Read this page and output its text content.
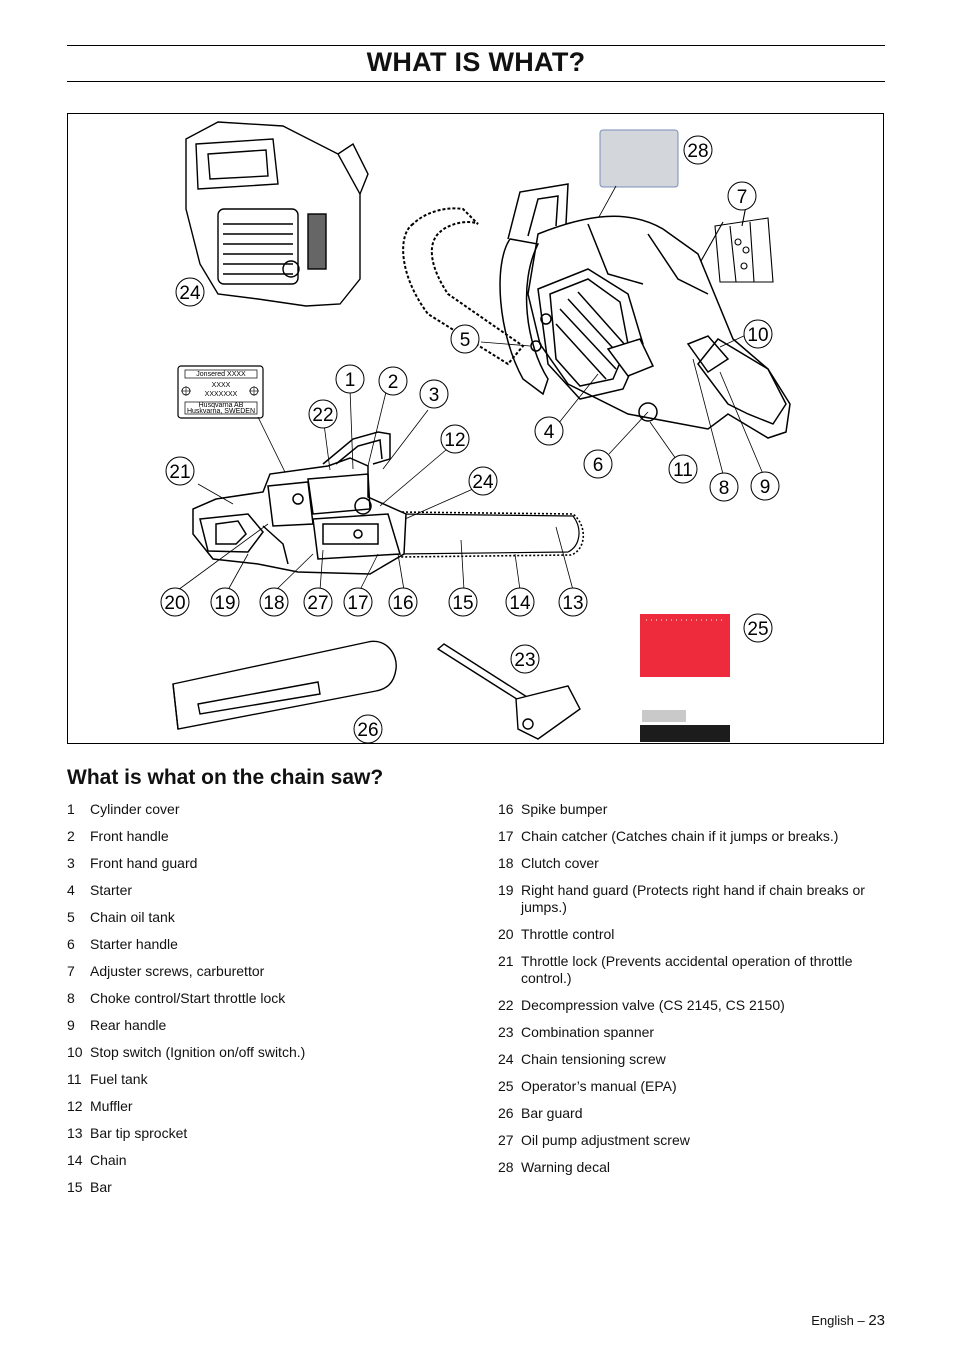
WHAT IS WHAT?
Jonsered XXXX
XXXX
XXXXXXX
Husqvarna AB
Huskvarna, SWEDEN
28
7
24
10
5
1 2
3
22
4
12
21	6	11
24	8 9
20 19 18 27 17 16 15 14 13
25
23
26
What is what on the chain saw?
1	Cylinder cover
2	Front handle
3	Front hand guard
4	Starter
5	Chain oil tank
6	Starter handle
7	Adjuster screws, carburettor
8	Choke control/Start throttle lock
9	Rear handle
10 Stop switch (Ignition on/off switch.)
11 Fuel tank
12 Muffler
13 Bar tip sprocket
14 Chain
15 Bar
16 Spike bumper
17 Chain catcher (Catches chain if it jumps or breaks.)
18 Clutch cover
19 Right hand guard (Protects right hand if chain breaks or jumps.)
20 Throttle control
21 Throttle lock (Prevents accidental operation of throttle control.)
22 Decompression valve (CS 2145, CS 2150)
23 Combination spanner
24 Chain tensioning screw
25 Operator’s manual (EPA)
26 Bar guard
27 Oil pump adjustment screw
28 Warning decal
English – 23
